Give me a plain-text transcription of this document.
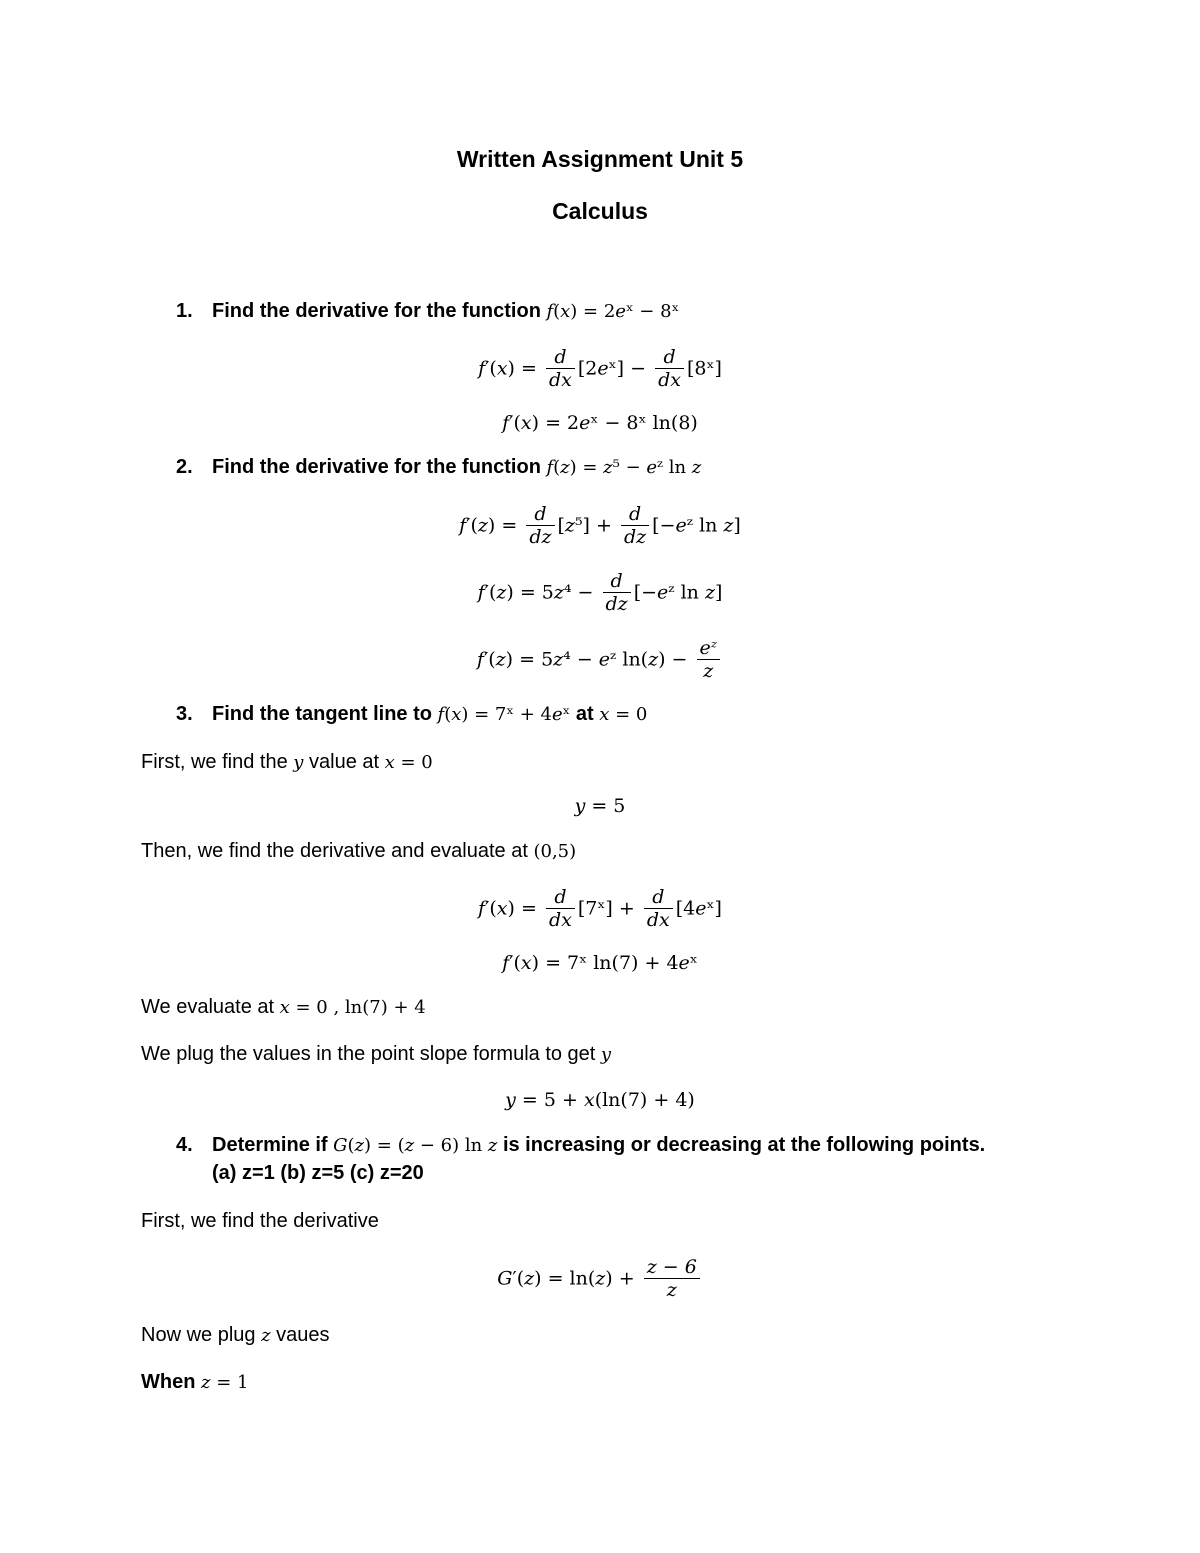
Written Assignment Unit 5
Calculus
1. Find the derivative for the function 𝑓(𝑥) = 2𝑒ˣ − 8ˣ
𝑓′(𝑥) = $\frac{\text{𝑑}}{\text{𝑑𝑥}}$ [2𝑒ˣ] − $\frac{\text{𝑑}}{\text{𝑑𝑥}}$ [8ˣ]
𝑓′(𝑥) = 2𝑒ˣ − 8ˣ ln(8)
2. Find the derivative for the function 𝑓(𝑧) = 𝑧⁵ − 𝑒ᶻ ln 𝑧
𝑓′(𝑧) = $\frac{\text{𝑑}}{\text{𝑑𝑧}}$ [𝑧⁵] + $\frac{\text{𝑑}}{\text{𝑑𝑧}}$ [−𝑒ᶻ ln 𝑧]
𝑓′(𝑧) = 5𝑧⁴ − $\frac{\text{𝑑}}{\text{𝑑𝑧}}$ [−𝑒ᶻ ln 𝑧]
𝑓′(𝑧) = 5𝑧⁴ − 𝑒ᶻ ln(𝑧) − $\frac{\text{𝑒ᶻ}}{\text{𝑧}}$
3. Find the tangent line to 𝑓(𝑥) = 7ˣ + 4𝑒ˣ at 𝑥 = 0
First, we find the 𝑦 value at 𝑥 = 0
𝑦 = 5
Then, we find the derivative and evaluate at (0,5)
𝑓′(𝑥) = $\frac{\text{𝑑}}{\text{𝑑𝑥}}$ [7ˣ] + $\frac{\text{𝑑}}{\text{𝑑𝑥}}$ [4𝑒ˣ]
𝑓′(𝑥) = 7ˣ ln(7) + 4𝑒ˣ
We evaluate at 𝑥 = 0 , ln(7) + 4
We plug the values in the point slope formula to get 𝑦
𝑦 = 5 + 𝑥(ln(7) + 4)
4. Determine if 𝐺(𝑧) = (𝑧 − 6) ln 𝑧 is increasing or decreasing at the following points.
(a) z=1 (b) z=5 (c) z=20
First, we find the derivative
𝐺′(𝑧) = ln(𝑧) + $\frac{\text{𝑧 − 6}}{\text{𝑧}}$
Now we plug 𝑧 vaues
When 𝑧 = 1
